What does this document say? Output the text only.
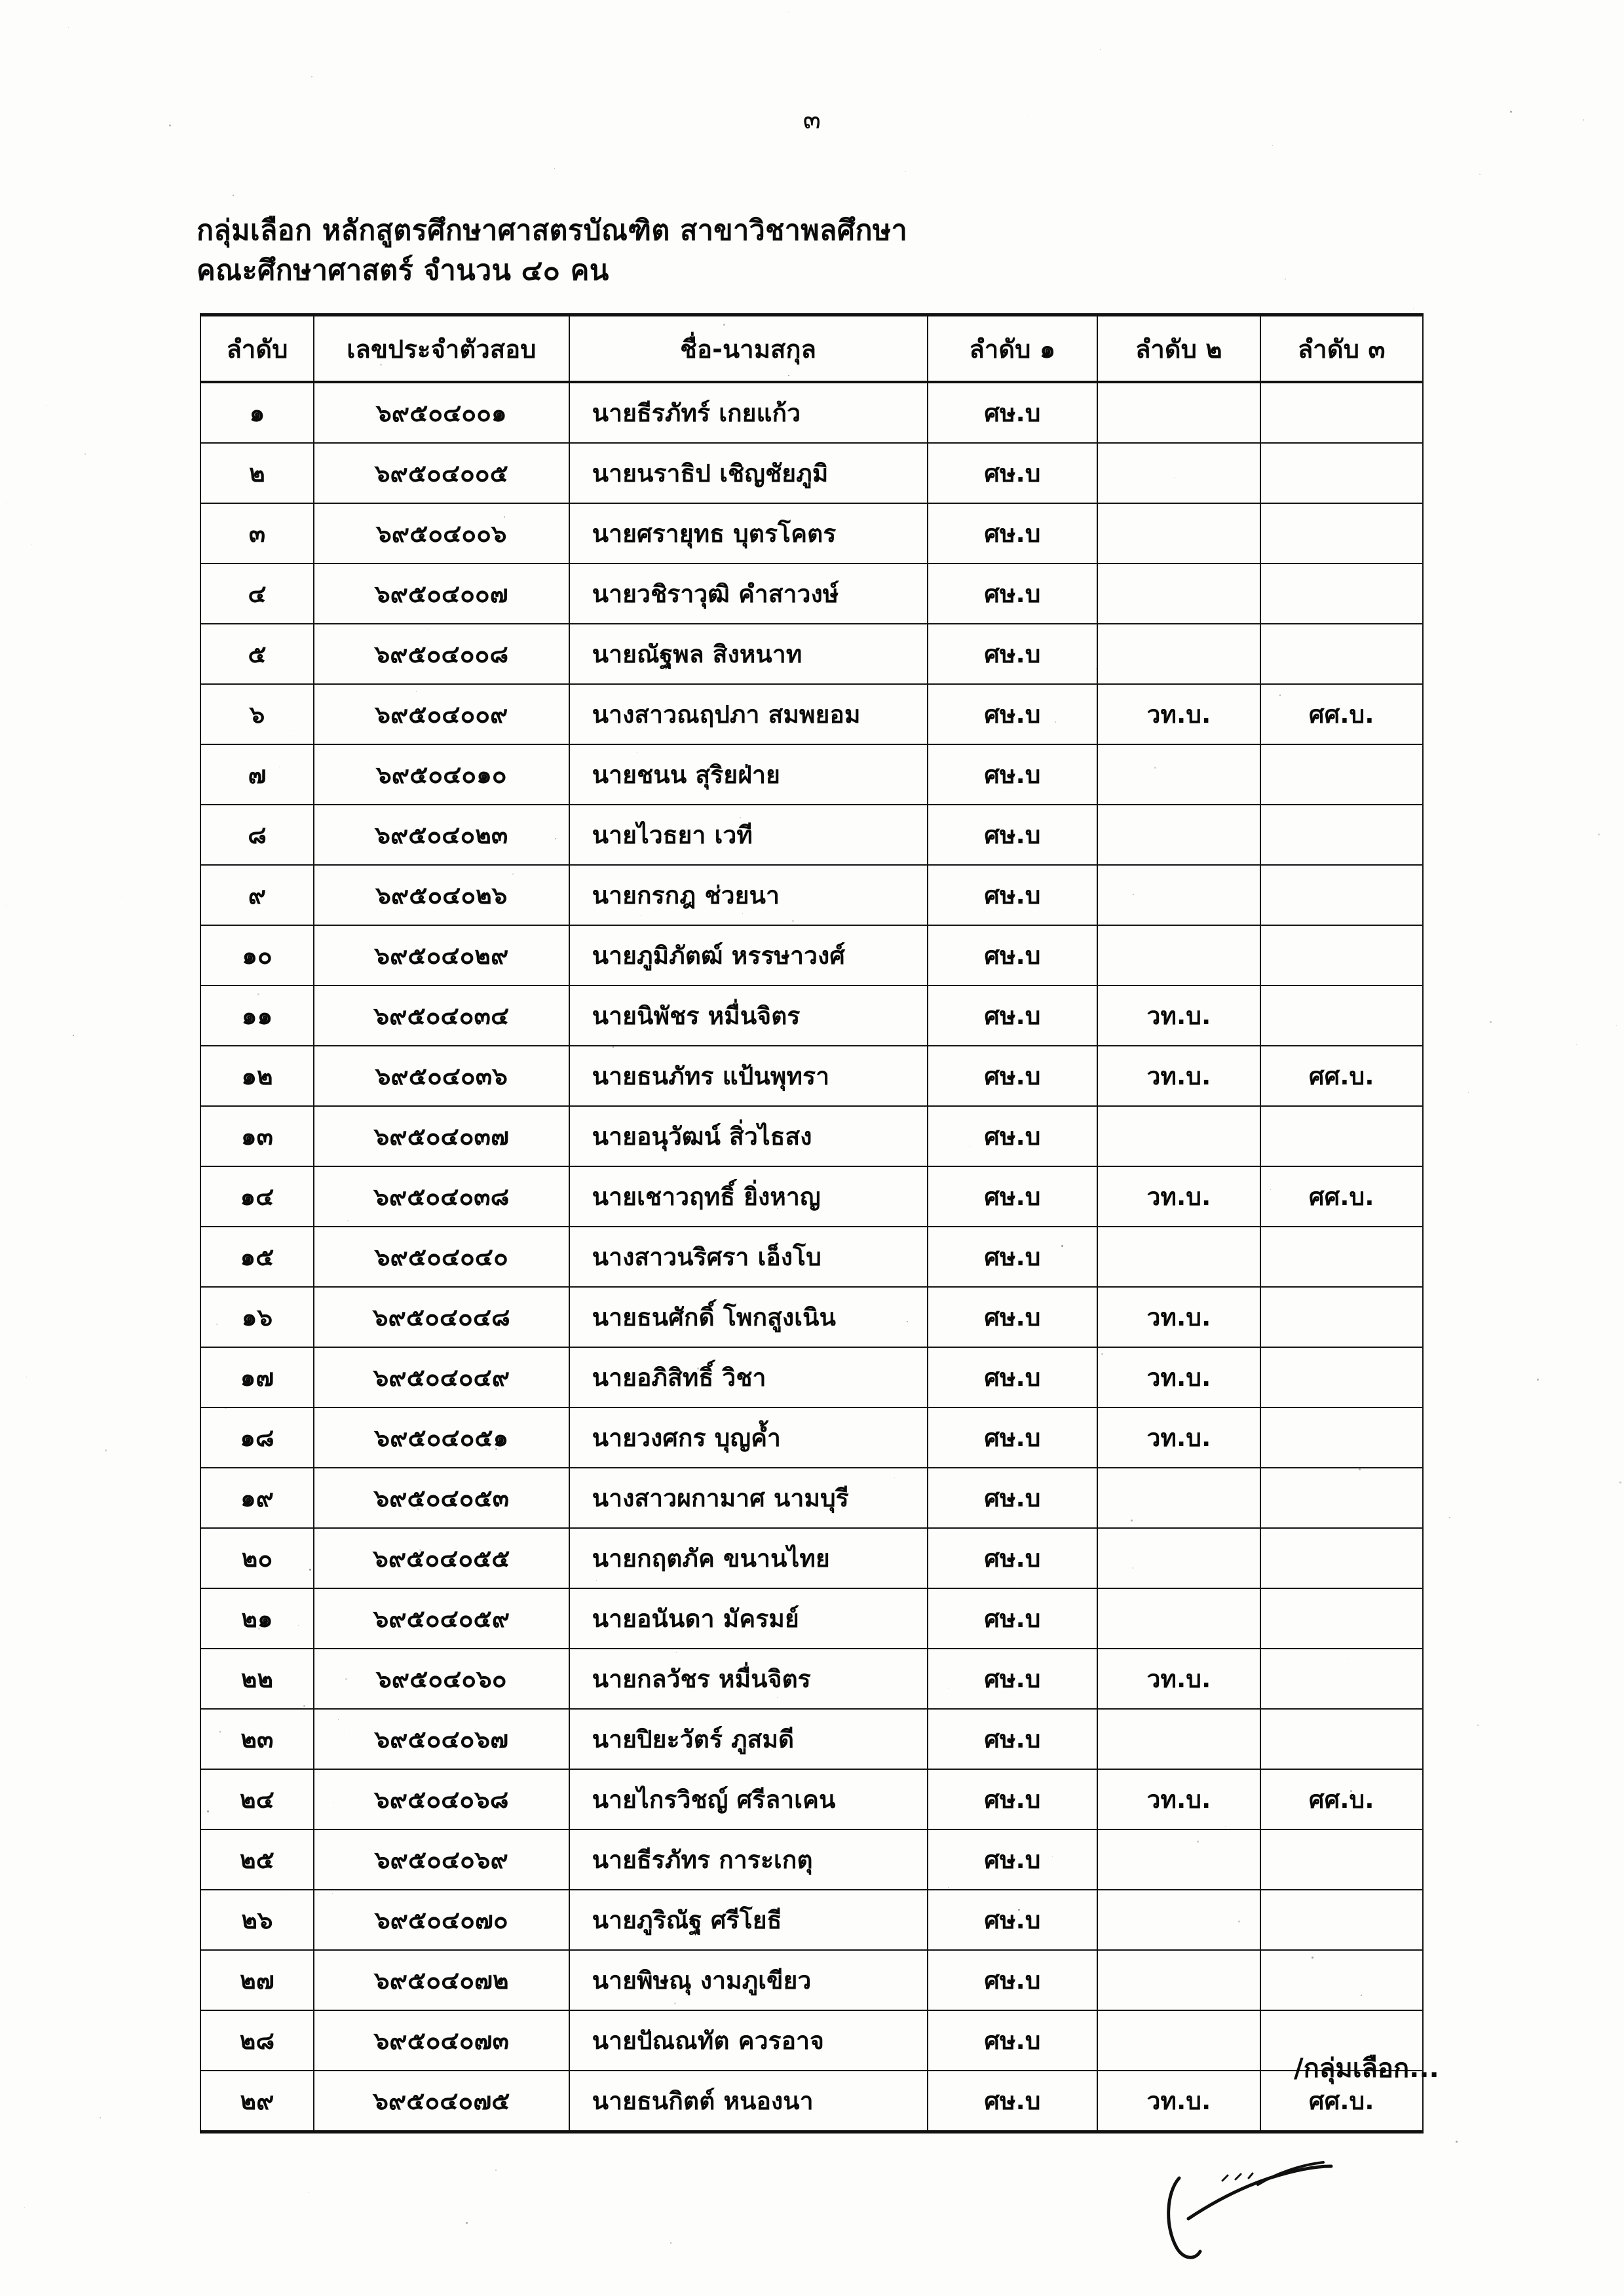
๓
กลุ่มเลือก หลักสูตรศึกษาศาสตรบัณฑิต สาขาวิชาพลศึกษา
คณะศึกษาศาสตร์ จำนวน ๔๐ คน
ลำดับ	เลขประจำตัวสอบ	ชื่อ-นามสกุล	ลำดับ ๑	ลำดับ ๒	ลำดับ ๓
๑	๖๙๕๐๔๐๐๑	นายธีรภัทร์ เกยแก้ว	ศษ.บ		
๒	๖๙๕๐๔๐๐๕	นายนราธิป เชิญชัยภูมิ	ศษ.บ		
๓	๖๙๕๐๔๐๐๖	นายศรายุทธ บุตรโคตร	ศษ.บ		
๔	๖๙๕๐๔๐๐๗	นายวชิราวุฒิ คำสาวงษ์	ศษ.บ		
๕	๖๙๕๐๔๐๐๘	นายณัฐพล สิงหนาท	ศษ.บ		
๖	๖๙๕๐๔๐๐๙	นางสาวณฤปภา สมพยอม	ศษ.บ	วท.บ.	ศศ.บ.
๗	๖๙๕๐๔๐๑๐	นายชนน สุริยฝ่าย	ศษ.บ		
๘	๖๙๕๐๔๐๒๓	นายไวธยา เวที	ศษ.บ		
๙	๖๙๕๐๔๐๒๖	นายกรกฎ ช่วยนา	ศษ.บ		
๑๐	๖๙๕๐๔๐๒๙	นายภูมิภัตฒ์ หรรษาวงศ์	ศษ.บ		
๑๑	๖๙๕๐๔๐๓๔	นายนิพัชร หมื่นจิตร	ศษ.บ	วท.บ.	
๑๒	๖๙๕๐๔๐๓๖	นายธนภัทร แป้นพุทรา	ศษ.บ	วท.บ.	ศศ.บ.
๑๓	๖๙๕๐๔๐๓๗	นายอนุวัฒน์ สิ่วไธสง	ศษ.บ		
๑๔	๖๙๕๐๔๐๓๘	นายเชาวฤทธิ์ ยิ่งหาญ	ศษ.บ	วท.บ.	ศศ.บ.
๑๕	๖๙๕๐๔๐๔๐	นางสาวนริศรา เอ็งโบ	ศษ.บ		
๑๖	๖๙๕๐๔๐๔๘	นายธนศักดิ์ โพกสูงเนิน	ศษ.บ	วท.บ.	
๑๗	๖๙๕๐๔๐๔๙	นายอภิสิทธิ์ วิชา	ศษ.บ	วท.บ.	
๑๘	๖๙๕๐๔๐๕๑	นายวงศกร บุญค้ำ	ศษ.บ	วท.บ.	
๑๙	๖๙๕๐๔๐๕๓	นางสาวผกามาศ นามบุรี	ศษ.บ		
๒๐	๖๙๕๐๔๐๕๕	นายกฤตภัค ขนานไทย	ศษ.บ		
๒๑	๖๙๕๐๔๐๕๙	นายอนันดา มัครมย์	ศษ.บ		
๒๒	๖๙๕๐๔๐๖๐	นายกลวัชร หมื่นจิตร	ศษ.บ	วท.บ.	
๒๓	๖๙๕๐๔๐๖๗	นายปิยะวัตร์ ภูสมดี	ศษ.บ		
๒๔	๖๙๕๐๔๐๖๘	นายไกรวิชญ์ ศรีลาเคน	ศษ.บ	วท.บ.	ศศ.บ.
๒๕	๖๙๕๐๔๐๖๙	นายธีรภัทร การะเกตุ	ศษ.บ		
๒๖	๖๙๕๐๔๐๗๐	นายภูริณัฐ ศรีโยธี	ศษ.บ		
๒๗	๖๙๕๐๔๐๗๒	นายพิษณุ งามภูเขียว	ศษ.บ		
๒๘	๖๙๕๐๔๐๗๓	นายปัณณทัต ควรอาจ	ศษ.บ		
๒๙	๖๙๕๐๔๐๗๕	นายธนกิตต์ หนองนา	ศษ.บ	วท.บ.	ศศ.บ.
/กลุ่มเลือก...
